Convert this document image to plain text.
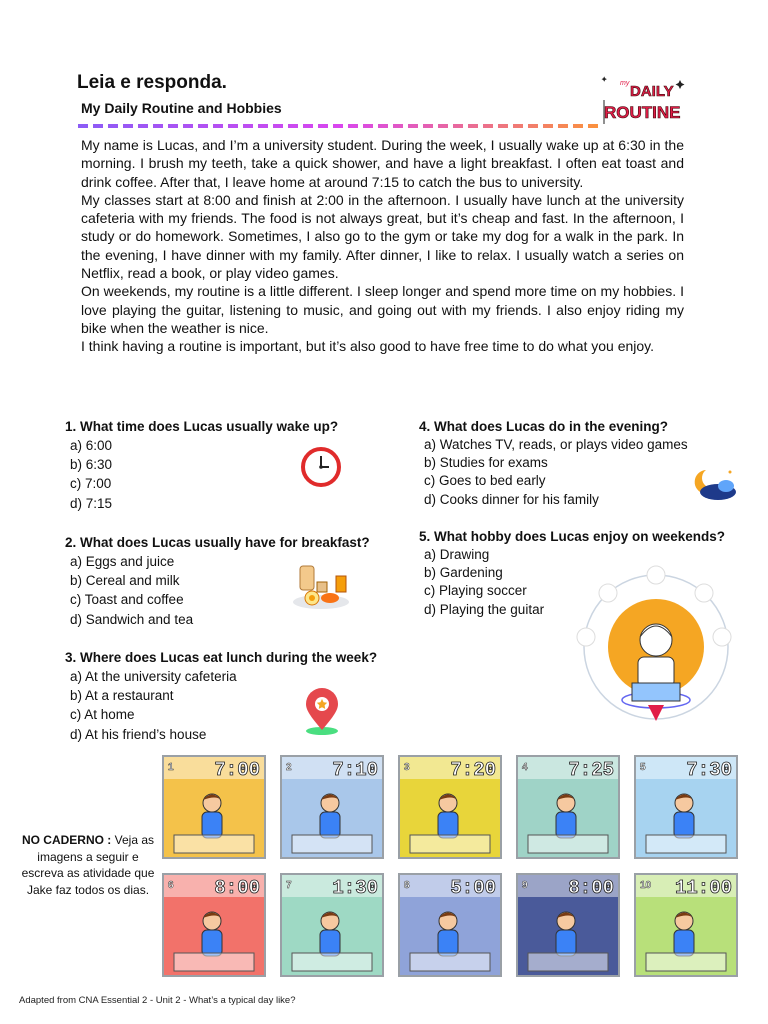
Leia e responda.
My Daily Routine and Hobbies
my DAILY
ROUTINE

My name is Lucas, and I’m a university student. During the week, I usually wake up at 6:30 in the morning. I brush my teeth, take a quick shower, and have a light breakfast. I often eat toast and drink coffee. After that, I leave home at around 7:15 to catch the bus to university.

My classes start at 8:00 and finish at 2:00 in the afternoon. I usually have lunch at the university cafeteria with my friends. The food is not always great, but it’s cheap and fast. In the afternoon, I study or do homework. Sometimes, I also go to the gym or take my dog for a walk in the park. In the evening, I have dinner with my family. After dinner, I like to relax. I usually watch a series on Netflix, read a book, or play video games.

On weekends, my routine is a little different. I sleep longer and spend more time on my hobbies. I love playing the guitar, listening to music, and going out with my friends. I also enjoy riding my bike when the weather is nice.

I think having a routine is important, but it’s also good to have free time to do what you enjoy.

1. What time does Lucas usually wake up?
a) 6:00
b) 6:30
c) 7:00
d) 7:15
2. What does Lucas usually have for breakfast?
a) Eggs and juice
b) Cereal and milk
c) Toast and coffee
d) Sandwich and tea
3. Where does Lucas eat lunch during the week?
a) At the university cafeteria
b) At a restaurant
c) At home
d) At his friend’s house
4. What does Lucas do in the evening?
a) Watches TV, reads, or plays video games
b) Studies for exams
c) Goes to bed early
d) Cooks dinner for his family
5. What hobby does Lucas enjoy on weekends?
a) Drawing
b) Gardening
c) Playing soccer
d) Playing the guitar
NO CADERNO : Veja as imagens a seguir e escreva as atividade que Jake faz todos os dias.
1 7:00	2 7:10	3 7:20	4 7:25	5 7:30
6 8:00	7 1:30	8 5:00	9 8:00	10 11:00
Adapted from CNA Essential 2 - Unit 2 - What’s a typical day like?
